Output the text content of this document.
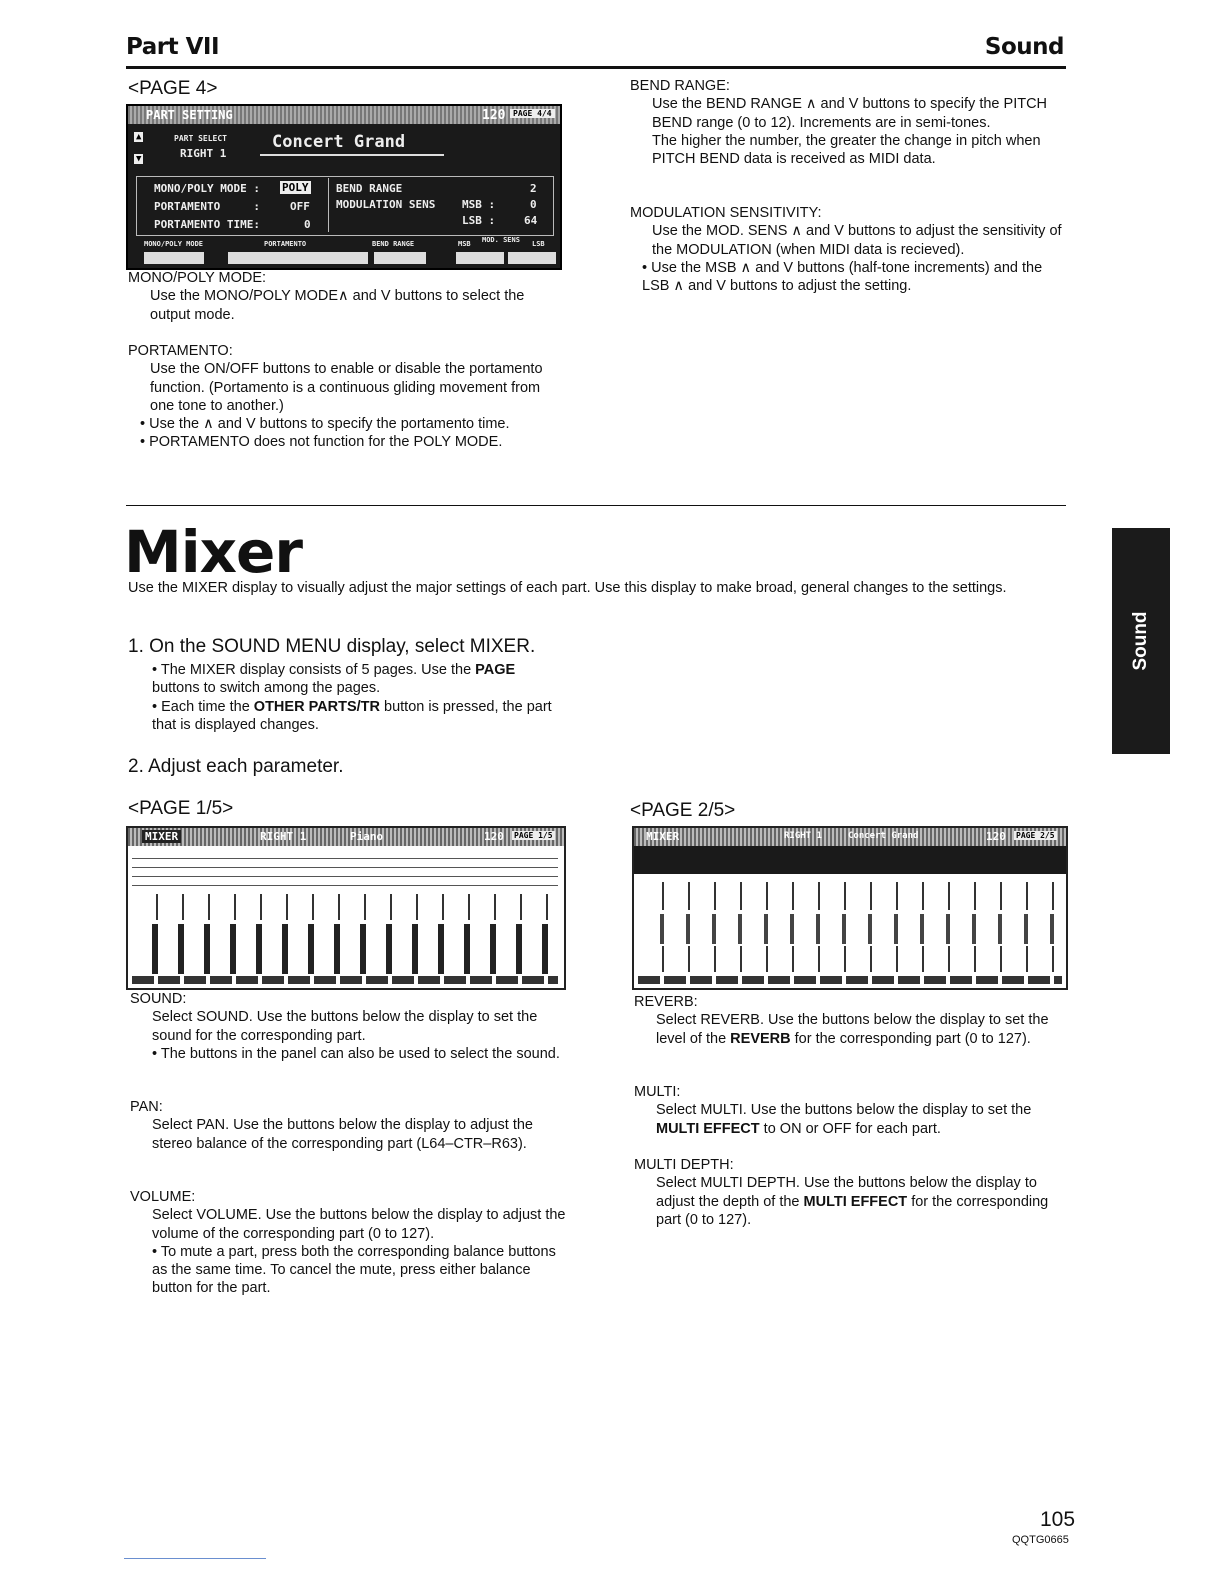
Part VII	Sound
<PAGE 4>
PART SETTING	120 PAGE 4/4
▲
▼
PART SELECT
RIGHT 1
Concert Grand
MONO/POLY MODE : POLY
PORTAMENTO     :	OFF
PORTAMENTO TIME:	0
BEND RANGE	2
MODULATION SENS MSB :	0
LSB :	64
MONO/POLY MODE	PORTAMENTO	BEND RANGE	MSB MOD. SENS LSB
MONO/POLY MODE:
Use the MONO/POLY MODE∧ and V buttons to select the output mode.
PORTAMENTO:
Use the ON/OFF buttons to enable or disable the portamento function. (Portamento is a continuous gliding movement from one tone to another.)
• Use the ∧ and V buttons to specify the portamento time.
• PORTAMENTO does not function for the POLY MODE.
BEND RANGE:
Use the BEND RANGE ∧ and V buttons to specify the PITCH BEND range (0 to 12). Increments are in semi-tones.
The higher the number, the greater the change in pitch when PITCH BEND data is received as MIDI data.
MODULATION SENSITIVITY:
Use the MOD. SENS ∧ and V buttons to adjust the sensitivity of the MODULATION (when MIDI data is recieved).
• Use the MSB ∧ and V buttons (half-tone increments) and the LSB ∧ and V buttons to adjust the setting.
Mixer
Use the MIXER display to visually adjust the major settings of each part. Use this display to make broad, general changes to the settings.
1. On the SOUND MENU display, select MIXER.
• The MIXER display consists of 5 pages. Use the PAGE buttons to switch among the pages.
• Each time the OTHER PARTS/TR button is pressed, the part that is displayed changes.
2. Adjust each parameter.
<PAGE 1/5>	<PAGE 2/5>
MIXER	RIGHT 1	Piano	120 PAGE 1/5	MIXER	RIGHT 1	Concert Grand	120 PAGE 2/5
SOUND:
Select SOUND. Use the buttons below the display to set the sound for the corresponding part.
• The buttons in the panel can also be used to select the sound.
PAN:
Select PAN. Use the buttons below the display to adjust the stereo balance of the corresponding part (L64–CTR–R63).
VOLUME:
Select VOLUME. Use the buttons below the display to adjust the volume of the corresponding part (0 to 127).
• To mute a part, press both the corresponding balance buttons as the same time. To cancel the mute, press either balance button for the part.
REVERB:
Select REVERB. Use the buttons below the display to set the level of the REVERB for the corresponding part (0 to 127).
MULTI:
Select MULTI. Use the buttons below the display to set the MULTI EFFECT to ON or OFF for each part.
MULTI DEPTH:
Select MULTI DEPTH. Use the buttons below the display to adjust the depth of the MULTI EFFECT for the corresponding part (0 to 127).
Sound
105
QQTG0665
